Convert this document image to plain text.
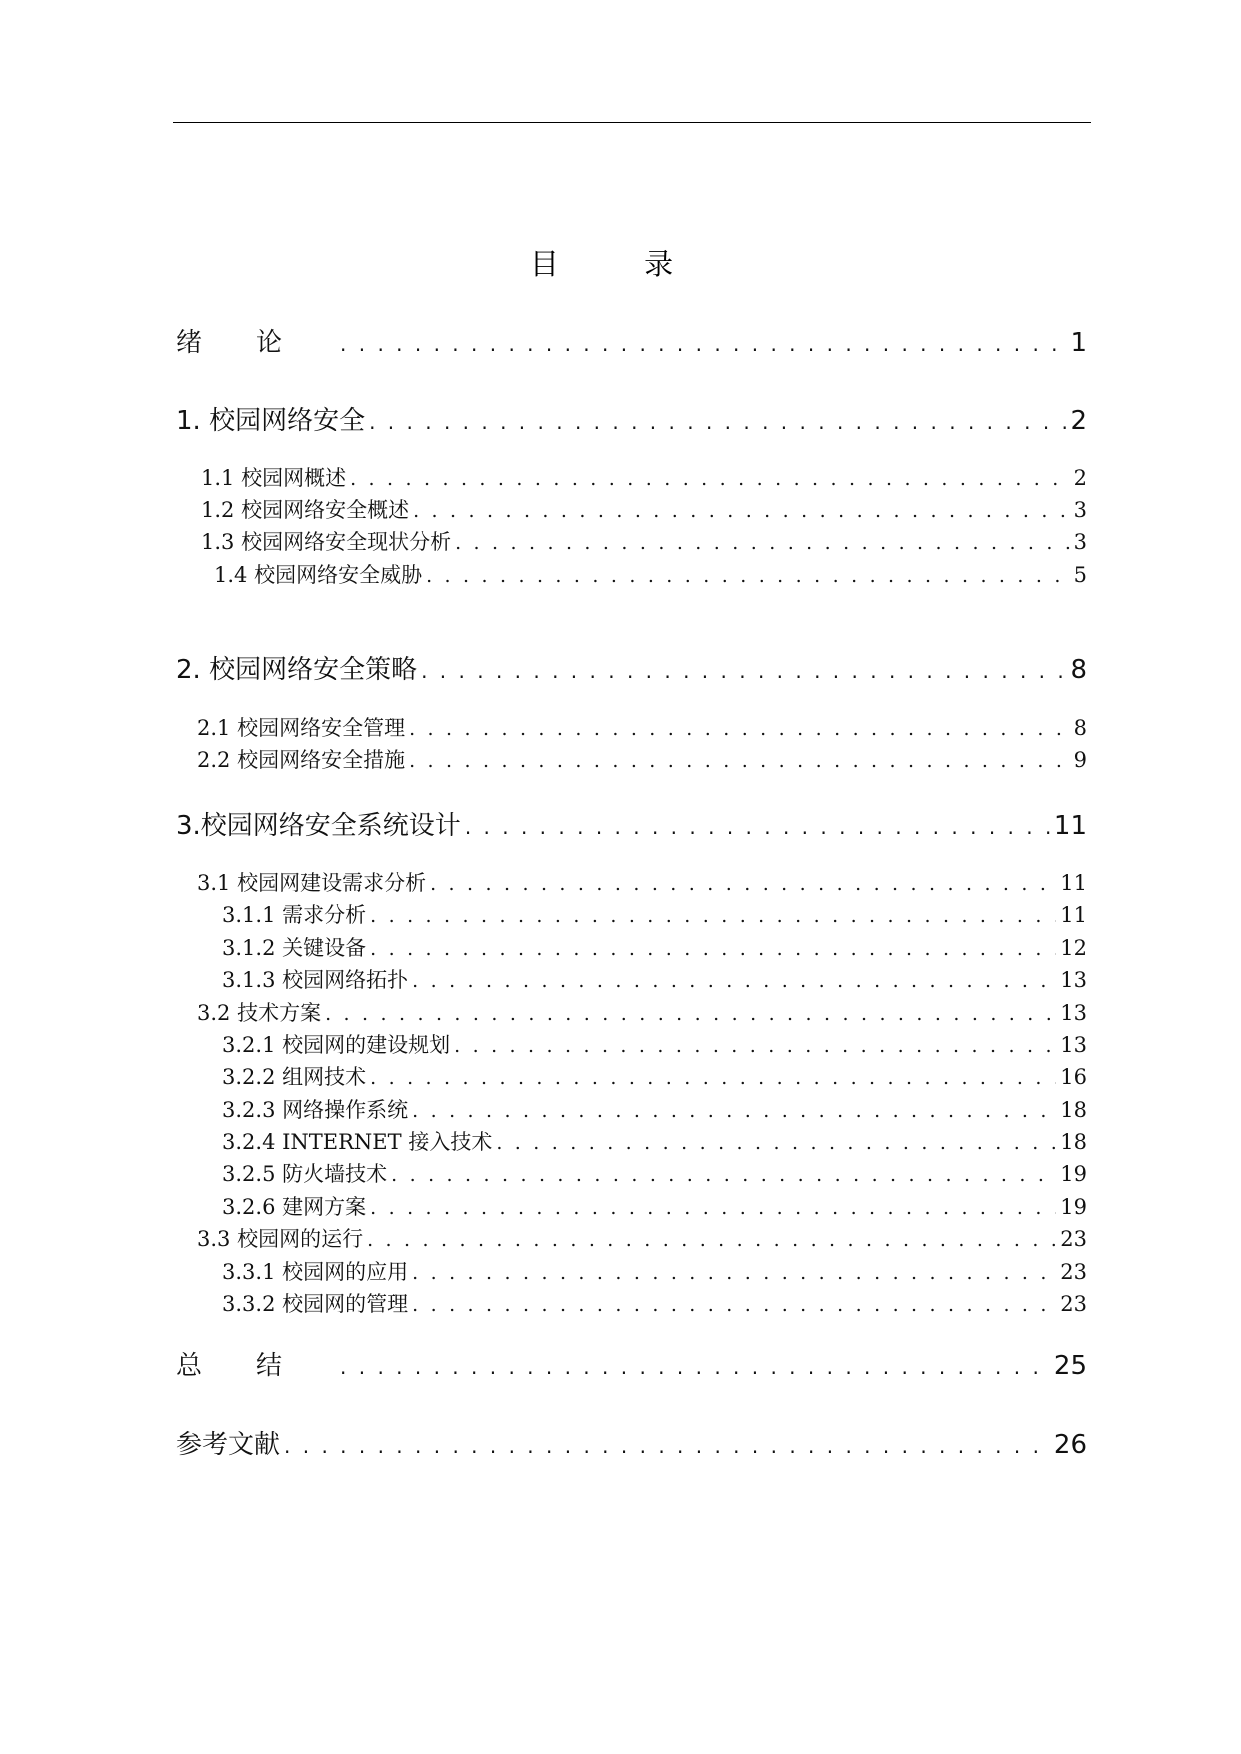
目 录
绪论 . . .	1
1. 校园网络安全 . . .	2
1.1 校园网概述 . . .	2
1.2 校园网络安全概述 . . .	3
1.3 校园网络安全现状分析 . . .	3
1.4 校园网络安全威胁 . . .	5
2. 校园网络安全策略 . . .	8
2.1 校园网络安全管理 . . .	8
2.2 校园网络安全措施 . . .	9
3.校园网络安全系统设计 . . .	11
3.1 校园网建设需求分析 . . .	11
3.1.1 需求分析 . . .	11
3.1.2 关键设备 . . .	12
3.1.3 校园网络拓扑 . . .	13
3.2 技术方案 . . .	13
3.2.1 校园网的建设规划 . . .	13
3.2.2 组网技术 . . .	16
3.2.3 网络操作系统 . . .	18
3.2.4 INTERNET 接入技术 . . .	18
3.2.5 防火墙技术 . . .	19
3.2.6 建网方案 . . .	19
3.3 校园网的运行 . . .	23
3.3.1 校园网的应用 . . .	23
3.3.2 校园网的管理 . . .	23
总结 . . .	25
参考文献 . . .	26
